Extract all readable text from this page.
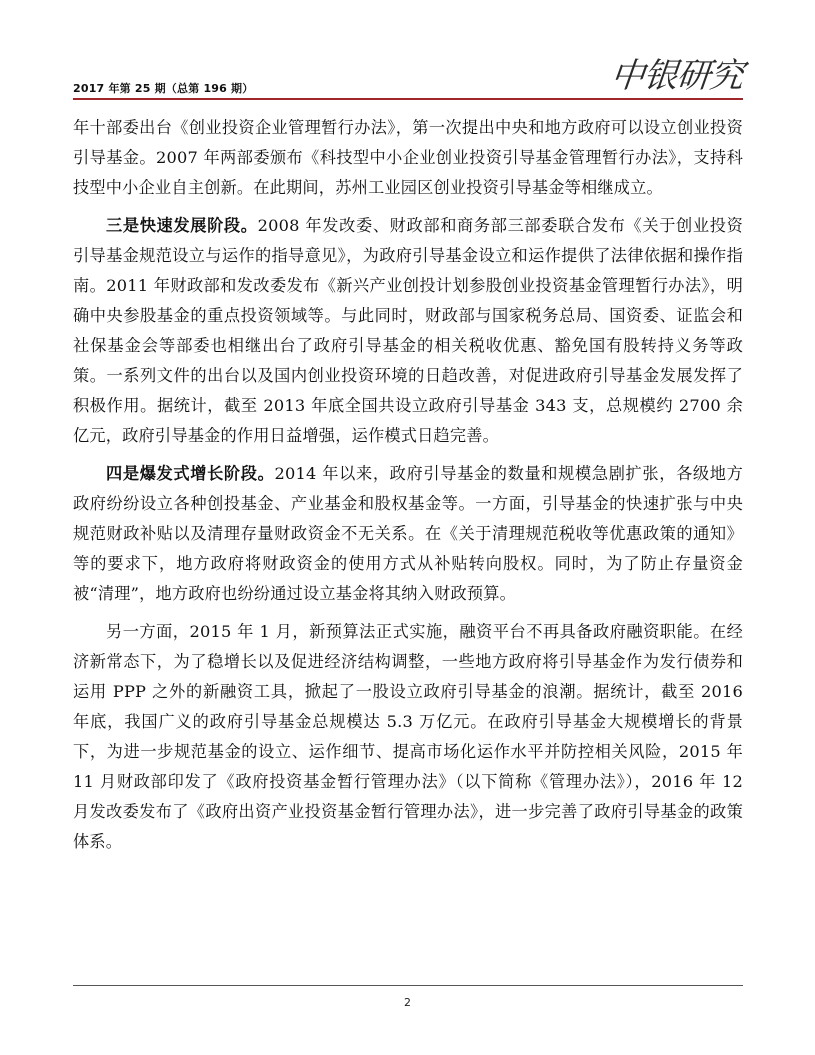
2017 年第 25 期（总第 196 期）	中银研究

年十部委出台《创业投资企业管理暂行办法》，第一次提出中央和地方政府可以设立创业投资引导基金。2007 年两部委颁布《科技型中小企业创业投资引导基金管理暂行办法》，支持科技型中小企业自主创新。在此期间，苏州工业园区创业投资引导基金等相继成立。

三是快速发展阶段。2008 年发改委、财政部和商务部三部委联合发布《关于创业投资引导基金规范设立与运作的指导意见》，为政府引导基金设立和运作提供了法律依据和操作指南。2011 年财政部和发改委发布《新兴产业创投计划参股创业投资基金管理暂行办法》，明确中央参股基金的重点投资领域等。与此同时，财政部与国家税务总局、国资委、证监会和社保基金会等部委也相继出台了政府引导基金的相关税收优惠、豁免国有股转持义务等政策。一系列文件的出台以及国内创业投资环境的日趋改善，对促进政府引导基金发展发挥了积极作用。据统计，截至 2013 年底全国共设立政府引导基金 343 支，总规模约 2700 余亿元，政府引导基金的作用日益增强，运作模式日趋完善。

四是爆发式增长阶段。2014 年以来，政府引导基金的数量和规模急剧扩张，各级地方政府纷纷设立各种创投基金、产业基金和股权基金等。一方面，引导基金的快速扩张与中央规范财政补贴以及清理存量财政资金不无关系。在《关于清理规范税收等优惠政策的通知》等的要求下，地方政府将财政资金的使用方式从补贴转向股权。同时，为了防止存量资金被“清理”，地方政府也纷纷通过设立基金将其纳入财政预算。

另一方面，2015 年 1 月，新预算法正式实施，融资平台不再具备政府融资职能。在经济新常态下，为了稳增长以及促进经济结构调整，一些地方政府将引导基金作为发行债券和运用 PPP 之外的新融资工具，掀起了一股设立政府引导基金的浪潮。据统计，截至 2016 年底，我国广义的政府引导基金总规模达 5.3 万亿元。在政府引导基金大规模增长的背景下，为进一步规范基金的设立、运作细节、提高市场化运作水平并防控相关风险，2015 年 11 月财政部印发了《政府投资基金暂行管理办法》（以下简称《管理办法》），2016 年 12 月发改委发布了《政府出资产业投资基金暂行管理办法》，进一步完善了政府引导基金的政策体系。

2
